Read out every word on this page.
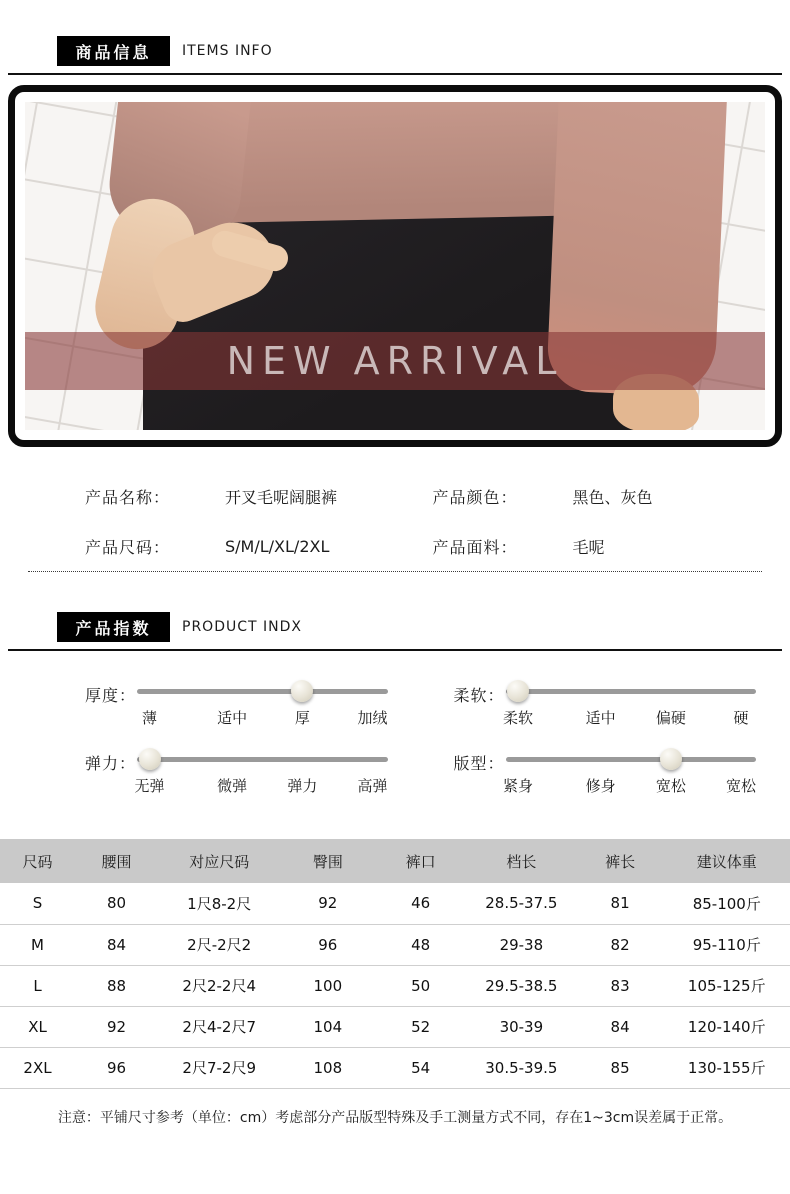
商品信息	ITEMS INFO
NEW ARRIVAL
产品名称：	开叉毛呢阔腿裤	产品颜色：	黑色、灰色
产品尺码：	S/M/L/XL/2XL	产品面料：	毛呢
产品指数	PRODUCT INDX
厚度：
薄	适中	厚	加绒
柔软：
柔软	适中	偏硬	硬
弹力：
无弹	微弹	弹力	高弹
版型：
紧身	修身	宽松	宽松
尺码	腰围	对应尺码	臀围	裤口	档长	裤长	建议体重
S	80	1尺8-2尺	92	46	28.5-37.5	81	85-100斤
M	84	2尺-2尺2	96	48	29-38	82	95-110斤
L	88	2尺2-2尺4	100	50	29.5-38.5	83	105-125斤
XL	92	2尺4-2尺7	104	52	30-39	84	120-140斤
2XL	96	2尺7-2尺9	108	54	30.5-39.5	85	130-155斤
注意：平铺尺寸参考（单位：cm）考虑部分产品版型特殊及手工测量方式不同，存在1~3cm误差属于正常。
